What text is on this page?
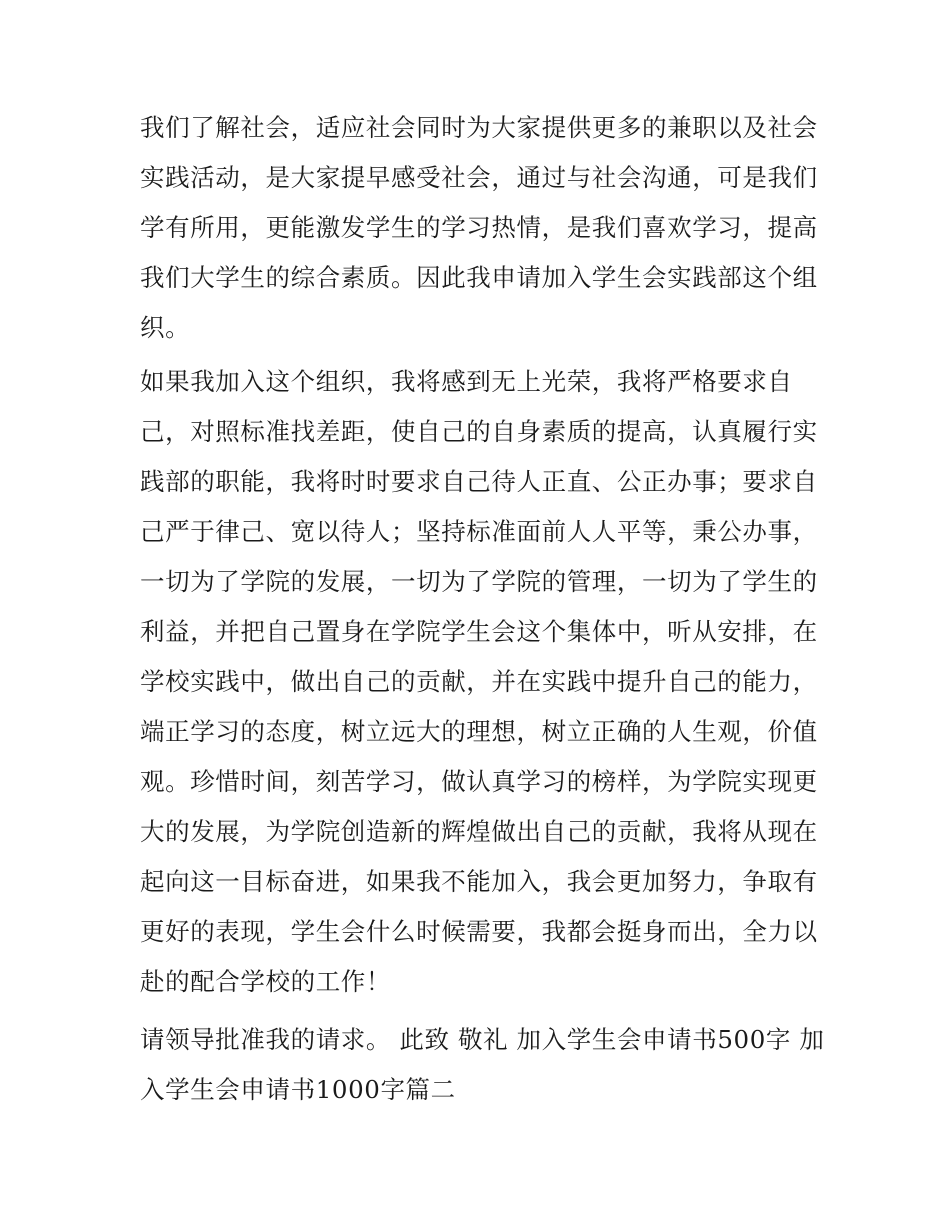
我们了解社会，适应社会同时为大家提供更多的兼职以及社会
实践活动，是大家提早感受社会，通过与社会沟通，可是我们
学有所用，更能激发学生的学习热情，是我们喜欢学习，提高
我们大学生的综合素质。因此我申请加入学生会实践部这个组
织。
如果我加入这个组织，我将感到无上光荣，我将严格要求自
己，对照标准找差距，使自己的自身素质的提高，认真履行实
践部的职能，我将时时要求自己待人正直、公正办事；要求自
己严于律己、宽以待人；坚持标准面前人人平等，秉公办事，
一切为了学院的发展，一切为了学院的管理，一切为了学生的
利益，并把自己置身在学院学生会这个集体中，听从安排，在
学校实践中，做出自己的贡献，并在实践中提升自己的能力，
端正学习的态度，树立远大的理想，树立正确的人生观，价值
观。珍惜时间，刻苦学习，做认真学习的榜样，为学院实现更
大的发展，为学院创造新的辉煌做出自己的贡献，我将从现在
起向这一目标奋进，如果我不能加入，我会更加努力，争取有
更好的表现，学生会什么时候需要，我都会挺身而出，全力以
赴的配合学校的工作！
请领导批准我的请求。 此致 敬礼 加入学生会申请书500字 加
入学生会申请书1000字篇二
